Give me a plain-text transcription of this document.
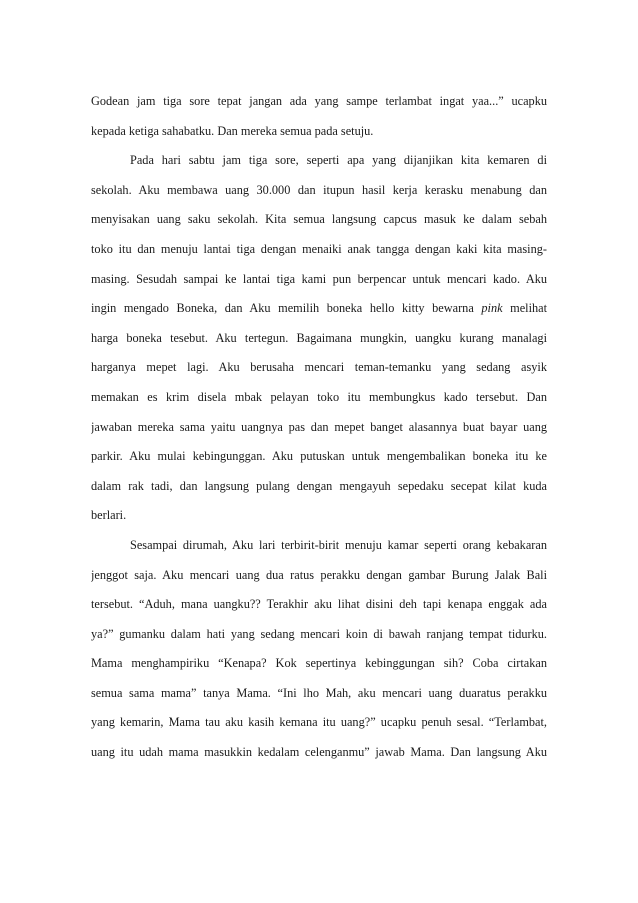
Godean jam tiga sore tepat jangan ada yang sampe terlambat ingat yaa...” ucapku
kepada ketiga sahabatku. Dan mereka semua pada setuju.
Pada hari sabtu jam tiga sore, seperti apa yang dijanjikan kita kemaren di
sekolah. Aku membawa uang 30.000 dan itupun hasil kerja kerasku menabung dan
menyisakan uang saku sekolah. Kita semua langsung capcus masuk ke dalam sebah
toko itu dan menuju lantai tiga dengan menaiki anak tangga dengan kaki kita masing-
masing. Sesudah sampai ke lantai tiga kami pun berpencar untuk mencari kado. Aku
ingin mengado Boneka, dan Aku memilih boneka hello kitty bewarna pink melihat
harga boneka tesebut. Aku tertegun. Bagaimana mungkin, uangku kurang manalagi
harganya mepet lagi. Aku berusaha mencari teman-temanku yang sedang asyik
memakan es krim disela mbak pelayan toko itu membungkus kado tersebut. Dan
jawaban mereka sama yaitu uangnya pas dan mepet banget alasannya buat bayar uang
parkir. Aku mulai kebingunggan. Aku putuskan untuk mengembalikan boneka itu ke
dalam rak tadi, dan langsung pulang dengan mengayuh sepedaku secepat kilat kuda
berlari.
Sesampai dirumah, Aku lari terbirit-birit menuju kamar seperti orang kebakaran
jenggot saja. Aku mencari uang dua ratus perakku dengan gambar Burung Jalak Bali
tersebut. “Aduh, mana uangku?? Terakhir aku lihat disini deh tapi kenapa enggak ada
ya?” gumanku dalam hati yang sedang mencari koin di bawah ranjang tempat tidurku.
Mama menghampiriku “Kenapa? Kok sepertinya kebinggungan sih? Coba cirtakan
semua sama mama” tanya Mama. “Ini lho Mah, aku mencari uang duaratus perakku
yang kemarin, Mama tau aku kasih kemana itu uang?” ucapku penuh sesal. “Terlambat,
uang itu udah mama masukkin kedalam celenganmu” jawab Mama. Dan langsung Aku
